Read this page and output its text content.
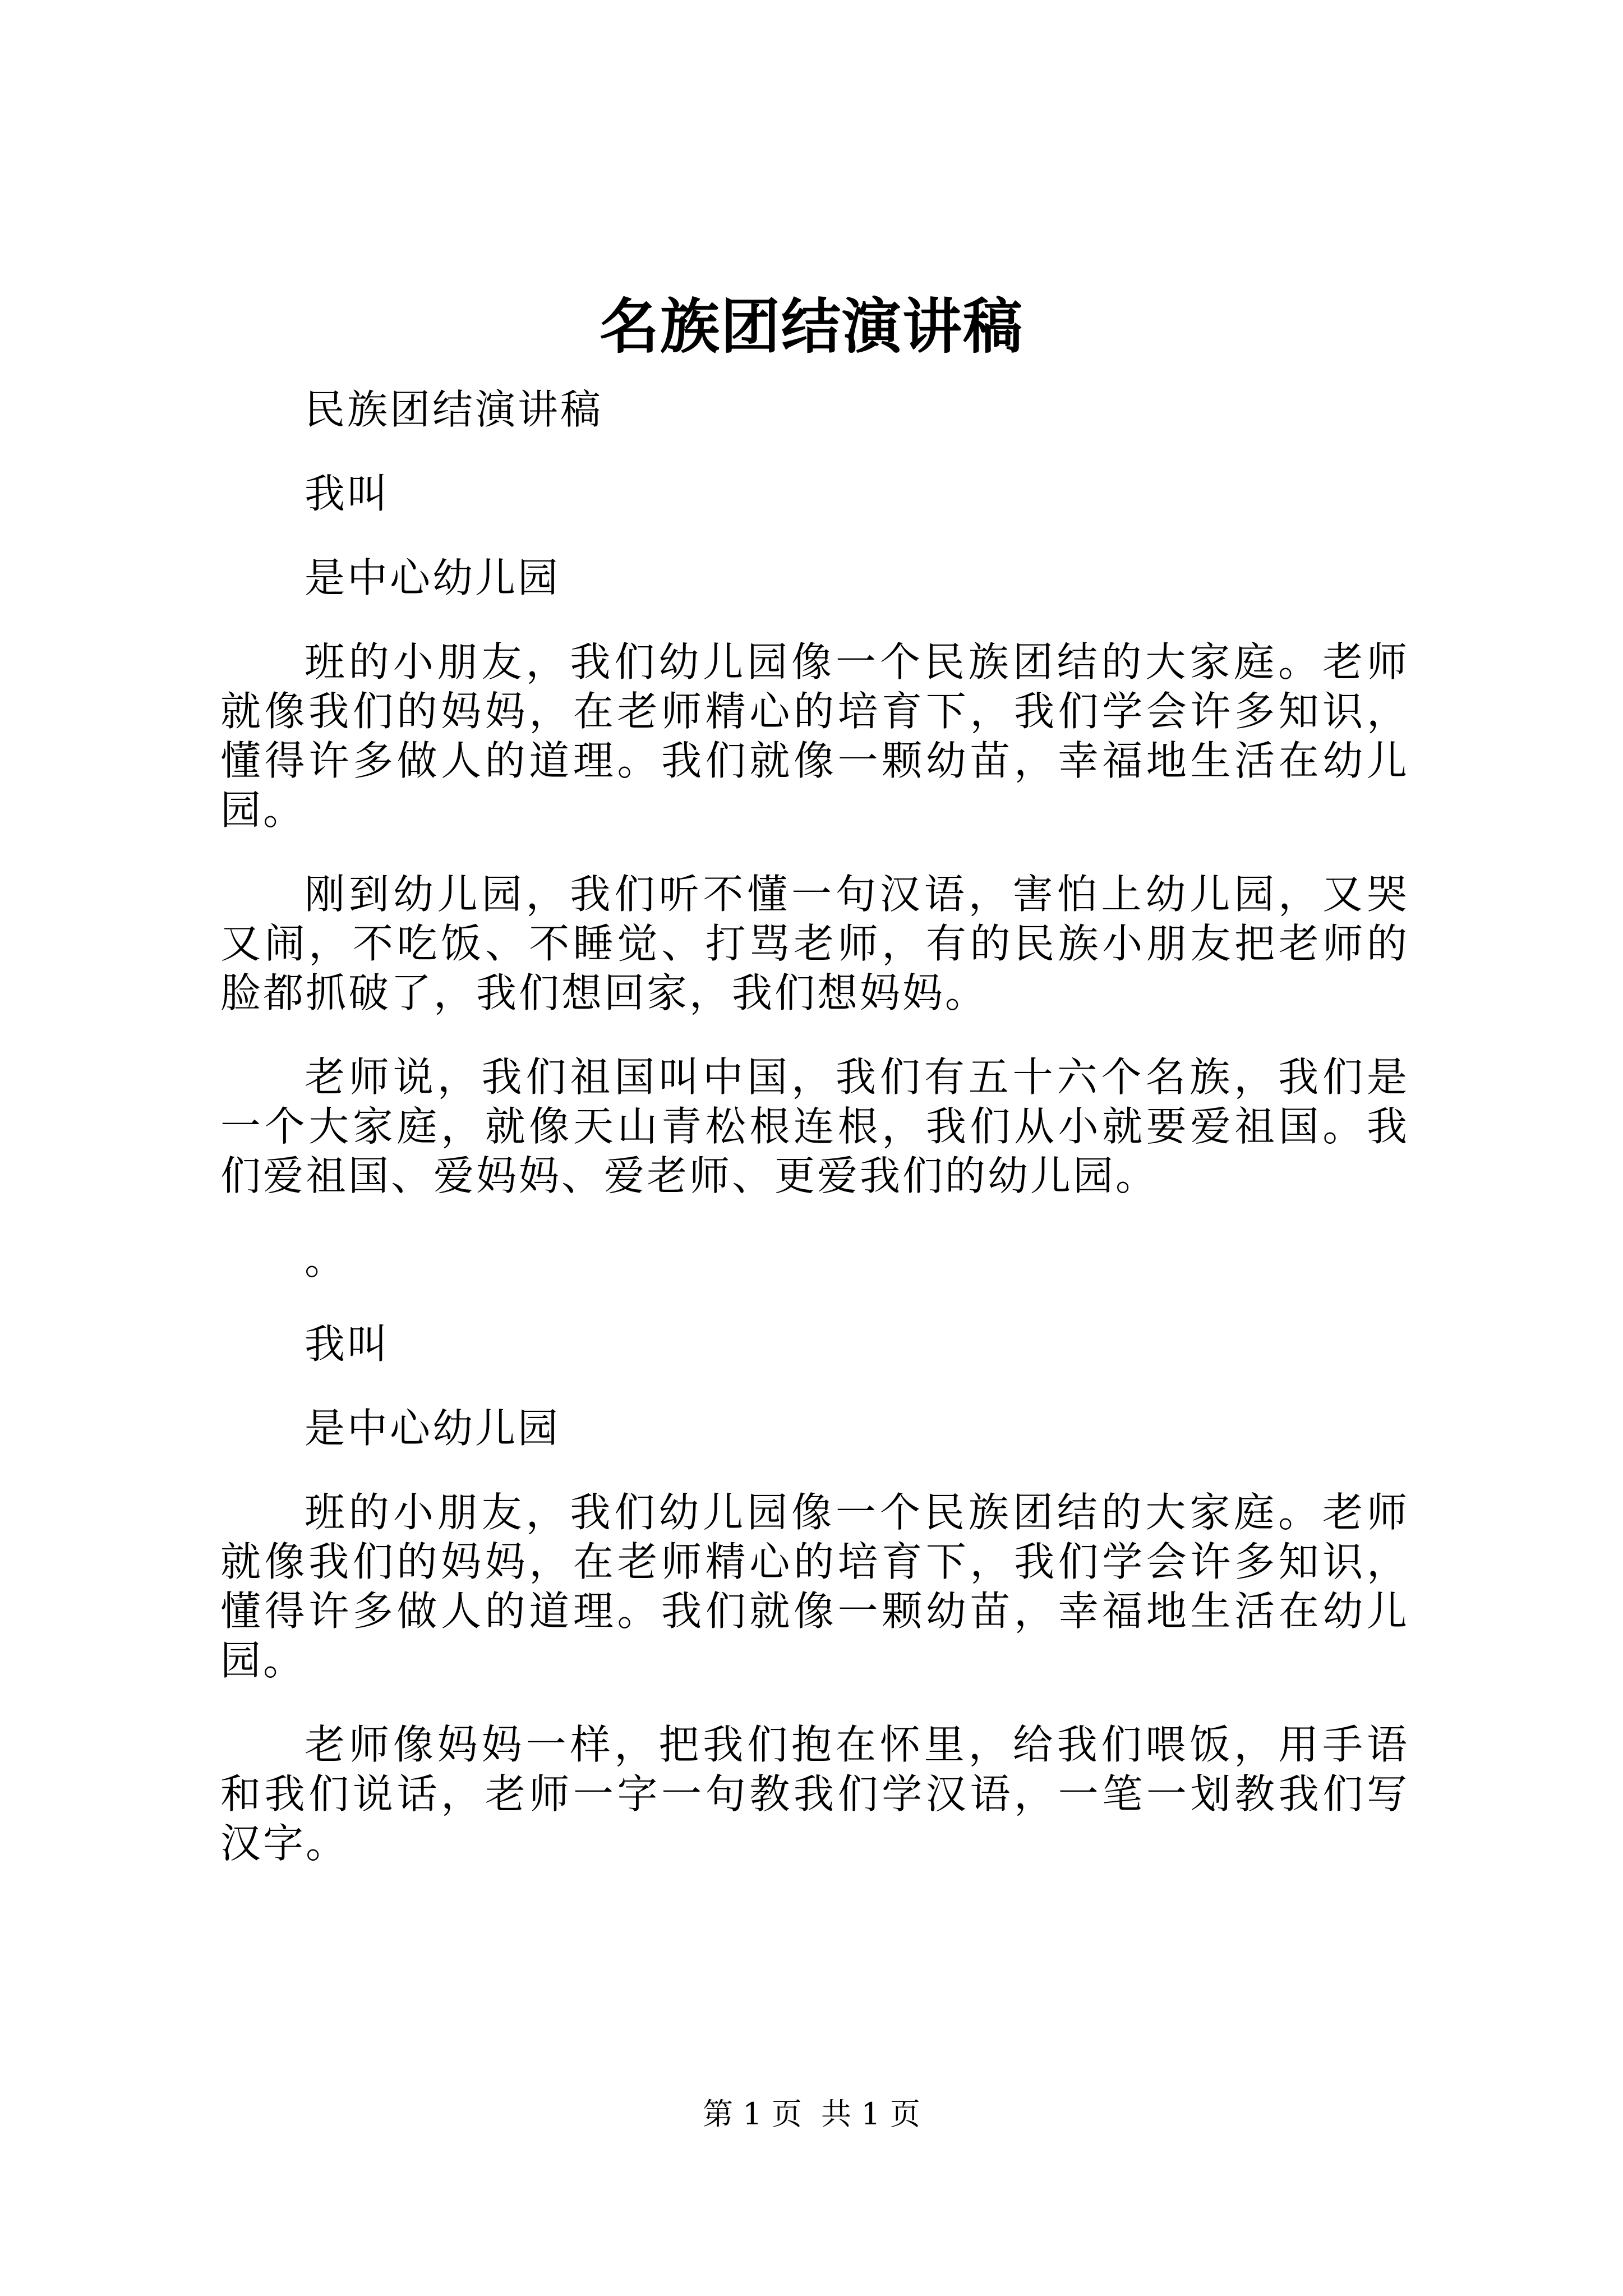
名族团结演讲稿

民族团结演讲稿

我叫

是中心幼儿园

班的小朋友，我们幼儿园像一个民族团结的大家庭。老师就像我们的妈妈，在老师精心的培育下，我们学会许多知识，懂得许多做人的道理。我们就像一颗幼苗，幸福地生活在幼儿园。

刚到幼儿园，我们听不懂一句汉语，害怕上幼儿园，又哭又闹，不吃饭、不睡觉、打骂老师，有的民族小朋友把老师的脸都抓破了，我们想回家，我们想妈妈。

老师说，我们祖国叫中国，我们有五十六个名族，我们是一个大家庭，就像天山青松根连根，我们从小就要爱祖国。我们爱祖国、爱妈妈、爱老师、更爱我们的幼儿园。

。

我叫

是中心幼儿园

班的小朋友，我们幼儿园像一个民族团结的大家庭。老师就像我们的妈妈，在老师精心的培育下，我们学会许多知识，懂得许多做人的道理。我们就像一颗幼苗，幸福地生活在幼儿园。

老师像妈妈一样，把我们抱在怀里，给我们喂饭，用手语和我们说话，老师一字一句教我们学汉语，一笔一划教我们写汉字。

第 1 页  共 1 页
